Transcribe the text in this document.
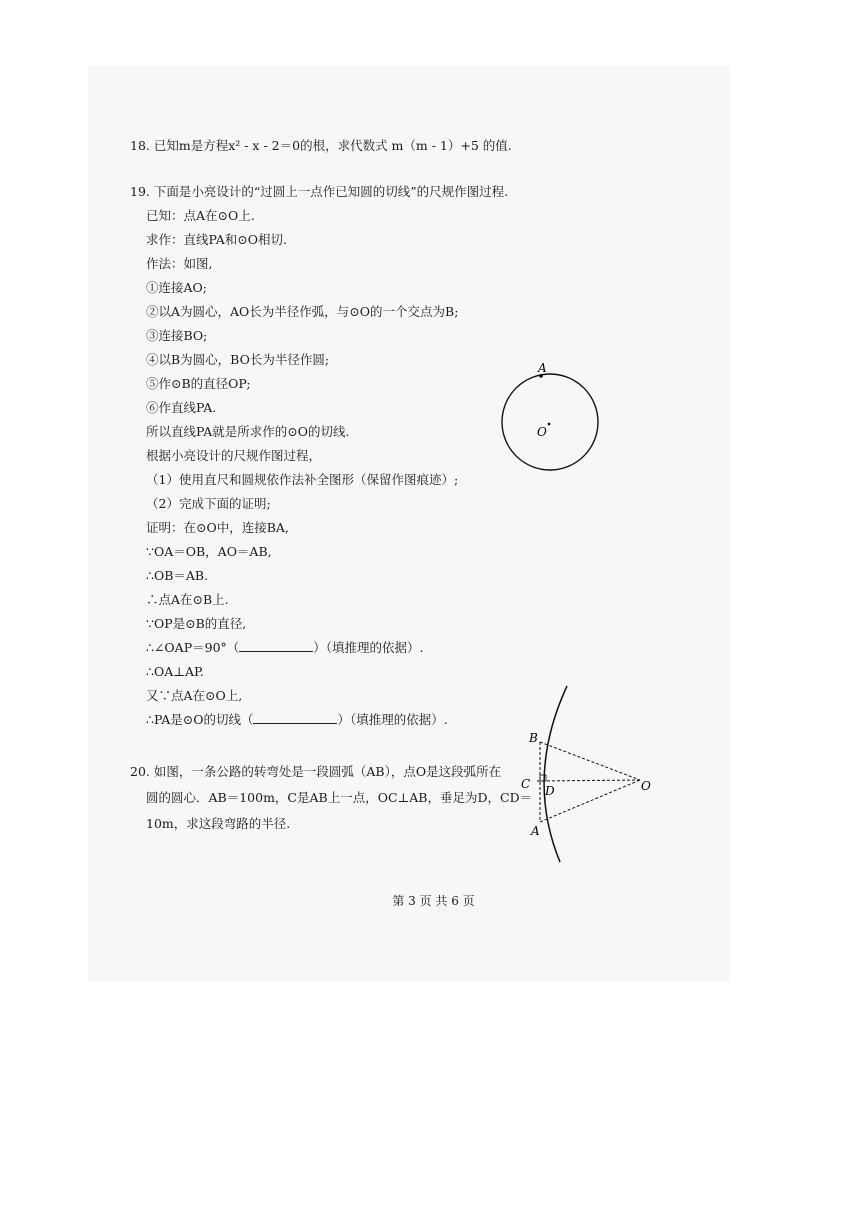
18. 已知m是方程x² - x - 2＝0的根，求代数式 m（m - 1）+5 的值.
19. 下面是小亮设计的“过圆上一点作已知圆的切线”的尺规作图过程.
已知：点A在⊙O上.
求作：直线PA和⊙O相切.
作法：如图,
①连接AO;
②以A为圆心，AO长为半径作弧，与⊙O的一个交点为B;
③连接BO;
④以B为圆心，BO长为半径作圆;
⑤作⊙B的直径OP;
⑥作直线PA.
所以直线PA就是所求作的⊙O的切线.
根据小亮设计的尺规作图过程，
（1）使用直尺和圆规依作法补全图形（保留作图痕迹）;
（2）完成下面的证明;
证明：在⊙O中，连接BA,
∵OA＝OB，AO＝AB,
∴OB＝AB.
∴点A在⊙B上.
∵OP是⊙B的直径,
∴∠OAP＝90°（	）（填推理的依据）.
∴OA⊥AP.
又∵点A在⊙O上,
∴PA是⊙O的切线（	）（填推理的依据）.
A
O
20. 如图，一条公路的转弯处是一段圆弧（AB），点O是这段弧所在
圆的圆心．AB＝100m，C是AB上一点，OC⊥AB，垂足为D，CD＝
10m，求这段弯路的半径.
B
C D
A
O
第 3 页 共 6 页
